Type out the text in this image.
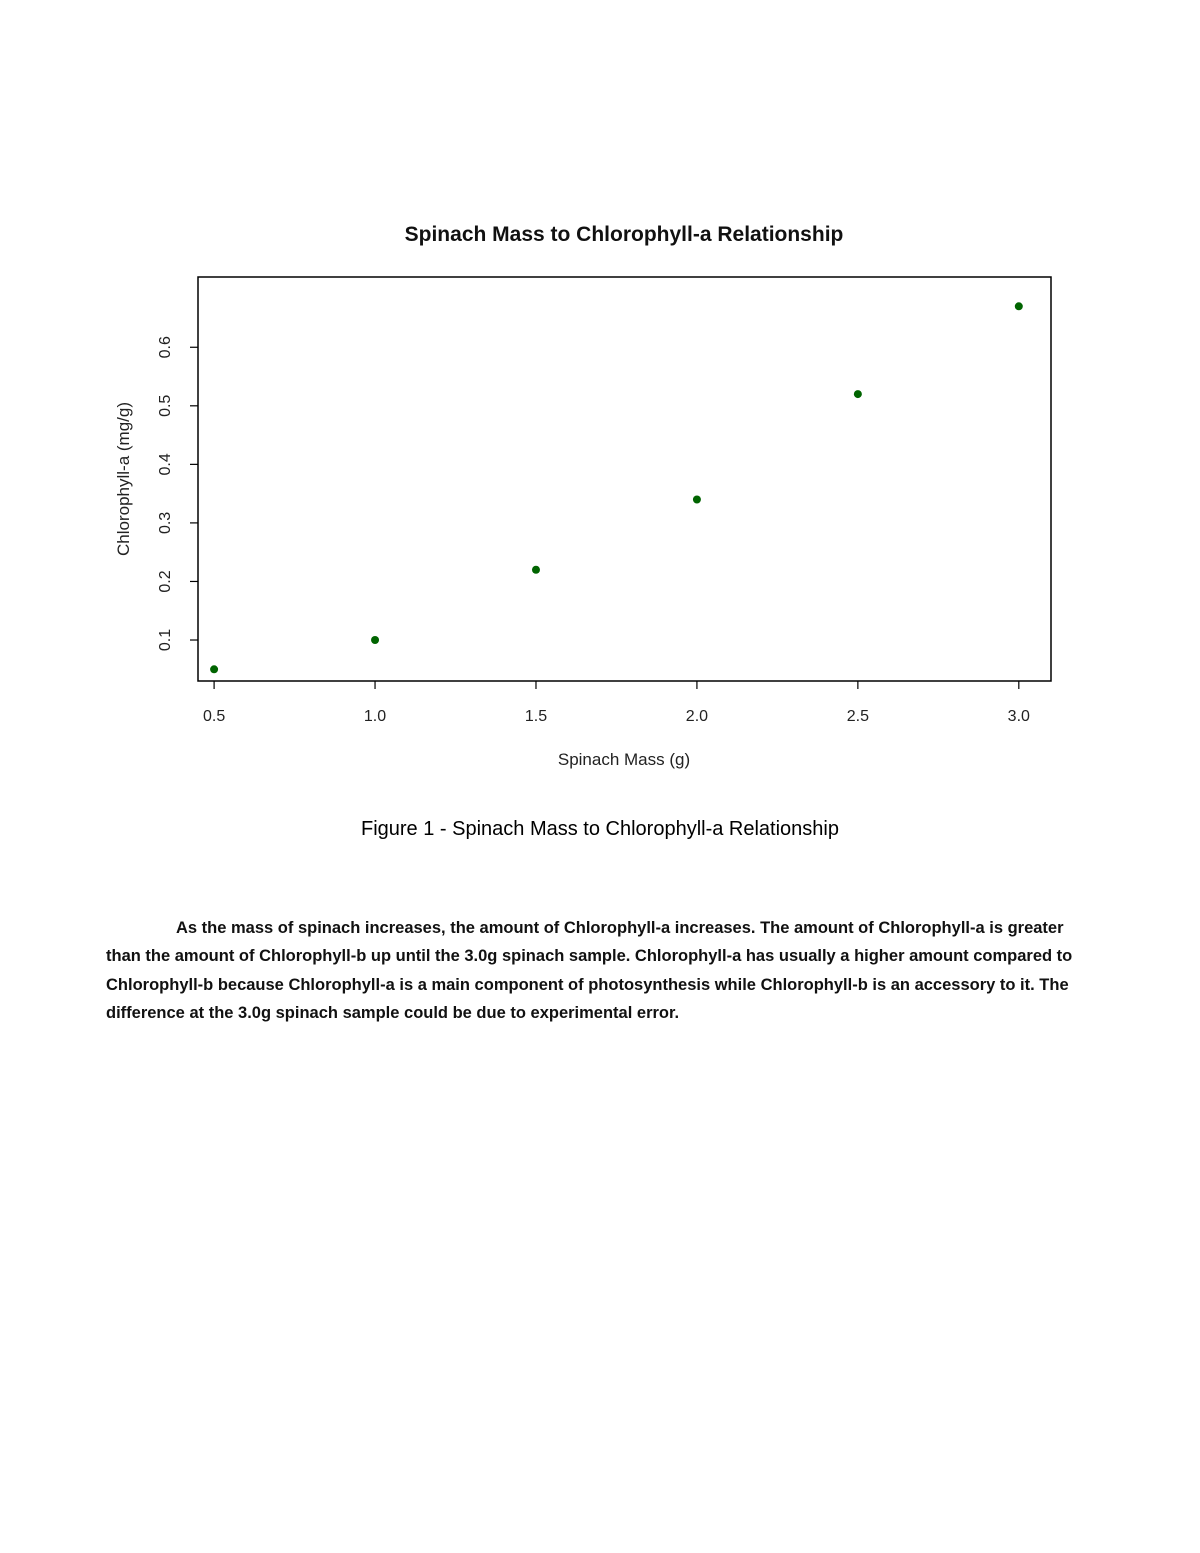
Spinach Mass to Chlorophyll-a Relationship
0.5	1.0	1.5	2.0	2.5	3.0
0.1
0.2
0.3
0.4
0.5
0.6
Spinach Mass (g)
Chlorophyll-a (mg/g)
Figure 1 - Spinach Mass to Chlorophyll-a Relationship

As the mass of spinach increases, the amount of Chlorophyll-a increases. The amount of Chlorophyll-a is greater than the amount of Chlorophyll-b up until the 3.0g spinach sample. Chlorophyll-a has usually a higher amount compared to Chlorophyll-b because Chlorophyll-a is a main component of photosynthesis while Chlorophyll-b is an accessory to it. The difference at the 3.0g spinach sample could be due to experimental error.
